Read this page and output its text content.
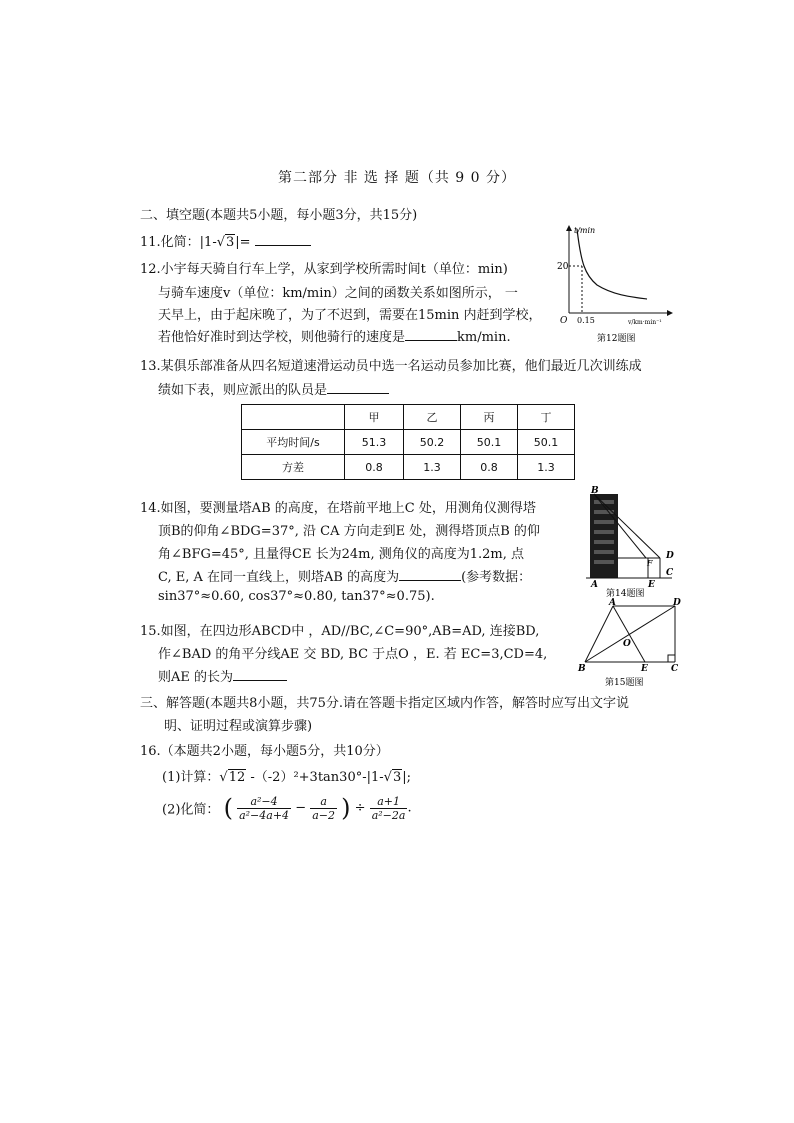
第二部分 非 选 择 题（共 9 0 分）
二、填空题(本题共5小题，每小题3分，共15分)
11.化简：|1-√3|=
12.小宇每天骑自行车上学，从家到学校所需时间t（单位：min)
与骑车速度v（单位：km/min）之间的函数关系如图所示， 一
天早上，由于起床晚了，为了不迟到，需要在15min 内赶到学校，
若他恰好准时到达学校，则他骑行的速度是	km/min.
t/min
20
O 0.15	v/km·min⁻¹
第12题图
13.某俱乐部准备从四名短道速滑运动员中选一名运动员参加比赛，他们最近几次训练成
绩如下表，则应派出的队员是
	甲	乙	丙	丁
平均时间/s	51.3	50.2	50.1	50.1
方差	0.8	1.3	0.8	1.3
14.如图，要测量塔AB 的高度，在塔前平地上C 处，用测角仪测得塔
顶B的仰角∠BDG=37°, 沿 CA 方向走到E 处，测得塔顶点B 的仰
角∠BFG=45°, 且量得CE 长为24m, 测角仪的高度为1.2m, 点
C, E, A 在同一直线上，则塔AB 的高度为	(参考数据：
sin37°≈0.60, cos37°≈0.80, tan37°≈0.75).
B
D
F
A	E
C
第14题图
15.如图，在四边形ABCD中 ，AD//BC,∠C=90°,AB=AD, 连接BD,
作∠BAD 的角平分线AE 交 BD, BC 于点O ，E. 若 EC=3,CD=4,
则AE 的长为
A	D
O
B	E	C
第15题图
三、解答题(本题共8小题，共75分.请在答题卡指定区域内作答，解答时应写出文字说
明、证明过程或演算步骤)
16.（本题共2小题，每小题5分，共10分）
(1)计算：√12 -（-2）²+3tan30°-|1-√3|;
(2)化简： ( $\frac{\text{a²−4}}{\text{a²−4a+4}} - \frac{a}{a-2}$ ) ÷ $\frac{a+1}{\text{a²−2a}}$ .
